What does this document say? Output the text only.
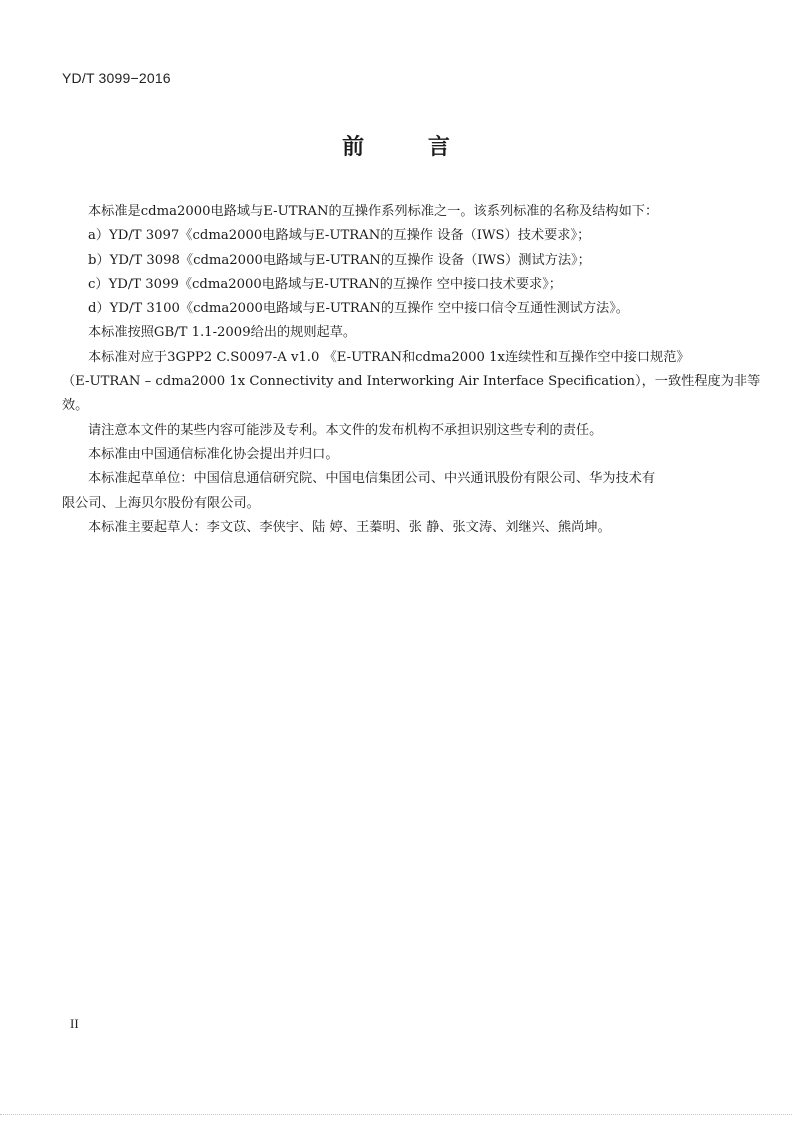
YD/T 3099−2016
前 言
本标准是cdma2000电路域与E-UTRAN的互操作系列标准之一。该系列标准的名称及结构如下：
a）YD/T 3097《cdma2000电路域与E-UTRAN的互操作 设备（IWS）技术要求》；
b）YD/T 3098《cdma2000电路域与E-UTRAN的互操作 设备（IWS）测试方法》；
c）YD/T 3099《cdma2000电路域与E-UTRAN的互操作 空中接口技术要求》；
d）YD/T 3100《cdma2000电路域与E-UTRAN的互操作 空中接口信令互通性测试方法》。
本标准按照GB/T 1.1-2009给出的规则起草。
本标准对应于3GPP2 C.S0097-A v1.0 《E-UTRAN和cdma2000 1x连续性和互操作空中接口规范》
（E-UTRAN – cdma2000 1x Connectivity and Interworking Air Interface Specification），一致性程度为非等
效。
请注意本文件的某些内容可能涉及专利。本文件的发布机构不承担识别这些专利的责任。
本标准由中国通信标准化协会提出并归口。
本标准起草单位：中国信息通信研究院、中国电信集团公司、中兴通讯股份有限公司、华为技术有
限公司、上海贝尔股份有限公司。
本标准主要起草人：李文苡、李侠宇、陆 婷、王蓁明、张 静、张文涛、刘继兴、熊尚坤。
II
